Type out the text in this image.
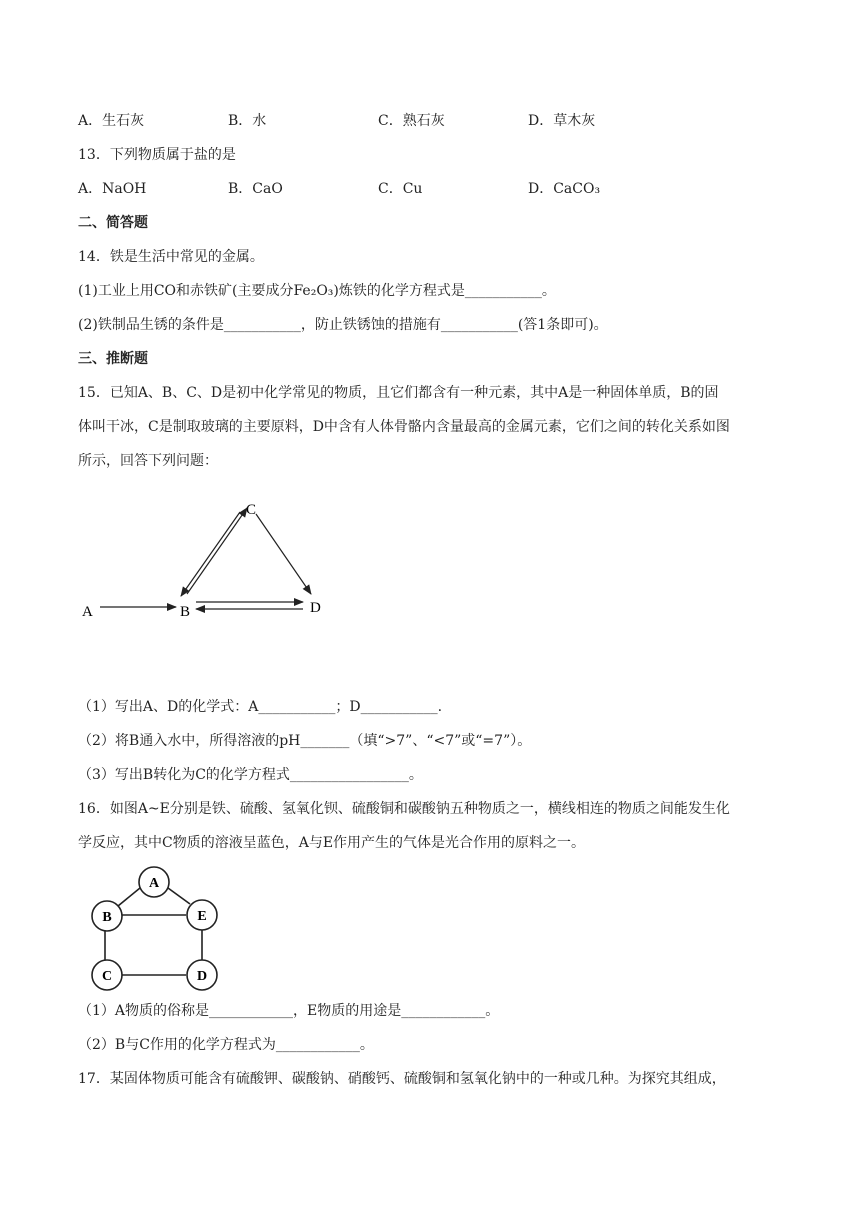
A．生石灰	B．水	C．熟石灰	D．草木灰
13．下列物质属于盐的是
A．NaOH	B．CaO	C．Cu	D．CaCO₃
二、简答题
14．铁是生活中常见的金属。
(1)工业上用CO和赤铁矿(主要成分Fe₂O₃)炼铁的化学方程式是___________。
(2)铁制品生锈的条件是___________，防止铁锈蚀的措施有___________(答1条即可)。
三、推断题
15．已知A、B、C、D是初中化学常见的物质，且它们都含有一种元素，其中A是一种固体单质，B的固
体叫干冰，C是制取玻璃的主要原料，D中含有人体骨骼内含量最高的金属元素，它们之间的转化关系如图
所示，回答下列问题：
C
A	B	D
（1）写出A、D的化学式：A___________；D___________.
（2）将B通入水中，所得溶液的pH_______（填“>7”、“<7”或“=7”）。
（3）写出B转化为C的化学方程式_________________。
16．如图A~E分别是铁、硫酸、氢氧化钡、硫酸铜和碳酸钠五种物质之一，横线相连的物质之间能发生化
学反应，其中C物质的溶液呈蓝色，A与E作用产生的气体是光合作用的原料之一。
A
B	E
C	D
（1）A物质的俗称是____________，E物质的用途是____________。
（2）B与C作用的化学方程式为____________。
17．某固体物质可能含有硫酸钾、碳酸钠、硝酸钙、硫酸铜和氢氧化钠中的一种或几种。为探究其组成，
